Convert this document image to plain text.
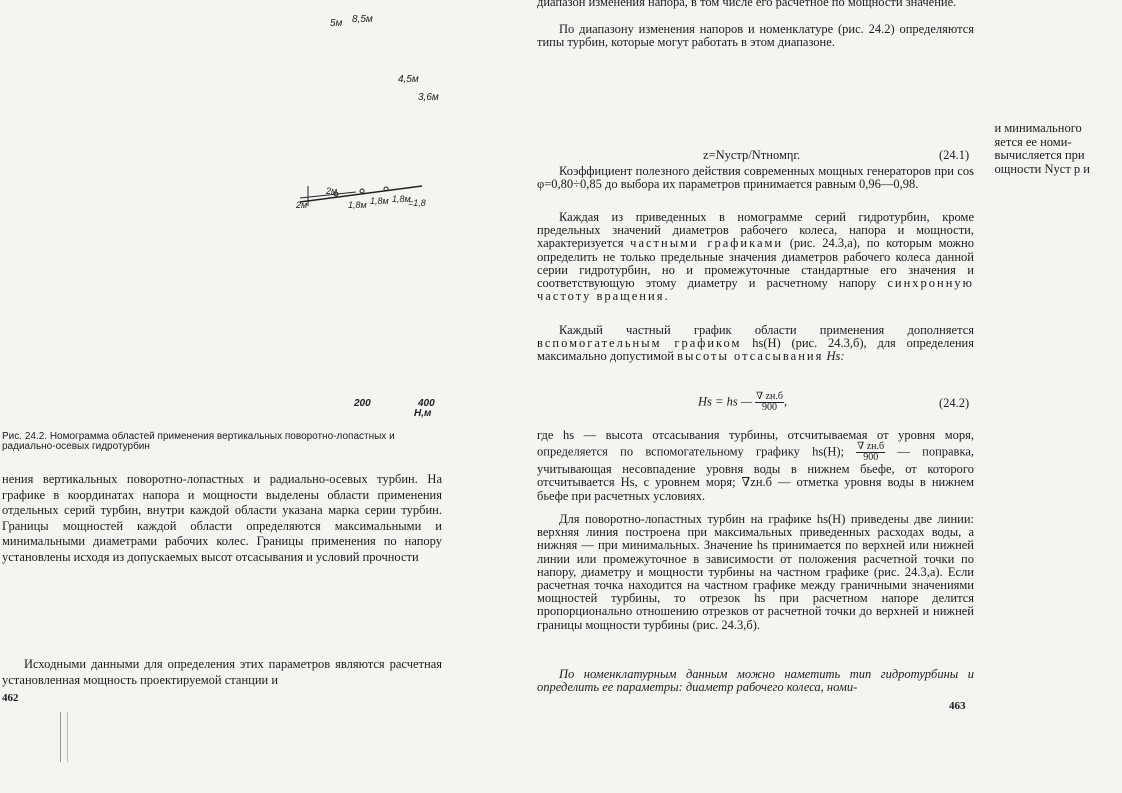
5м 8,5м
4,5м
3,6м
2м
2м
1,8м 1,8м 1,8м
=1,8
200	400
H,м
Рис. 24.2. Номограмма областей применения вертикальных поворотно-лопастных и радиально-осевых гидротурбин
нения вертикальных поворотно-лопастных и радиально-осевых турбин. На графике в координатах напора и мощности выделены области применения отдельных серий турбин, внутри каждой области указана марка серии турбин. Границы мощностей каждой области определяются максимальными и минимальными диаметрами рабочих колес. Границы применения по напору установлены исходя из допускаемых высот отсасывания и условий прочности
Исходными данными для определения этих параметров являются расчетная установленная мощность проектируемой станции и
462
диапазон изменения напора, в том числе его расчетное по мощности значение.
По диапазону изменения напоров и номенклатуре (рис. 24.2) определяются типы турбин, которые могут работать в этом диапазоне.
и минимального
яется ее номи-
вычисляется при
ощности Nуст р и
z=Nустр/Nтномηг.	(24.1)
Коэффициент полезного действия современных мощных генераторов при cos φ=0,80÷0,85 до выбора их параметров принимается равным 0,96—0,98.
Каждая из приведенных в номограмме серий гидротурбин, кроме предельных значений диаметров рабочего колеса, напора и мощности, характеризуется частными графиками (рис. 24.3,а), по которым можно определить не только предельные значения диаметров рабочего колеса данной серии гидротурбин, но и промежуточные стандартные его значения и соответствующую этому диаметру и расчетному напору синхронную частоту вращения.
Каждый частный график области применения дополняется вспомогательным графиком hs(H) (рис. 24.3,б), для определения максимально допустимой высоты отсасывания Hs:
Hs = hs — $\frac{\nabla zн.б}{900}$ ,	(24.2)
где hs — высота отсасывания турбины, отсчитываемая от уровня моря, определяется по вспомогательному графику hs(H); $\frac{\nabla zн.б}{900}$ — поправка, учитывающая несовпадение уровня воды в нижнем бьефе, от которого отсчитывается Hs, с уровнем моря; ∇zн.б — отметка уровня воды в нижнем бьефе при расчетных условиях.
Для поворотно-лопастных турбин на графике hs(H) приведены две линии: верхняя линия построена при максимальных приведенных расходах воды, а нижняя — при минимальных. Значение hs принимается по верхней или нижней линии или промежуточное в зависимости от положения расчетной точки по напору, диаметру и мощности турбины на частном графике (рис. 24.3,а). Если расчетная точка находится на частном графике между граничными значениями мощностей турбины, то отрезок hs при расчетном напоре делится пропорционально отношению отрезков от расчетной точки до верхней и нижней границы мощности турбины (рис. 24.3,б).
По номенклатурным данным можно наметить тип гидротурбины и определить ее параметры: диаметр рабочего колеса, номи-
463
